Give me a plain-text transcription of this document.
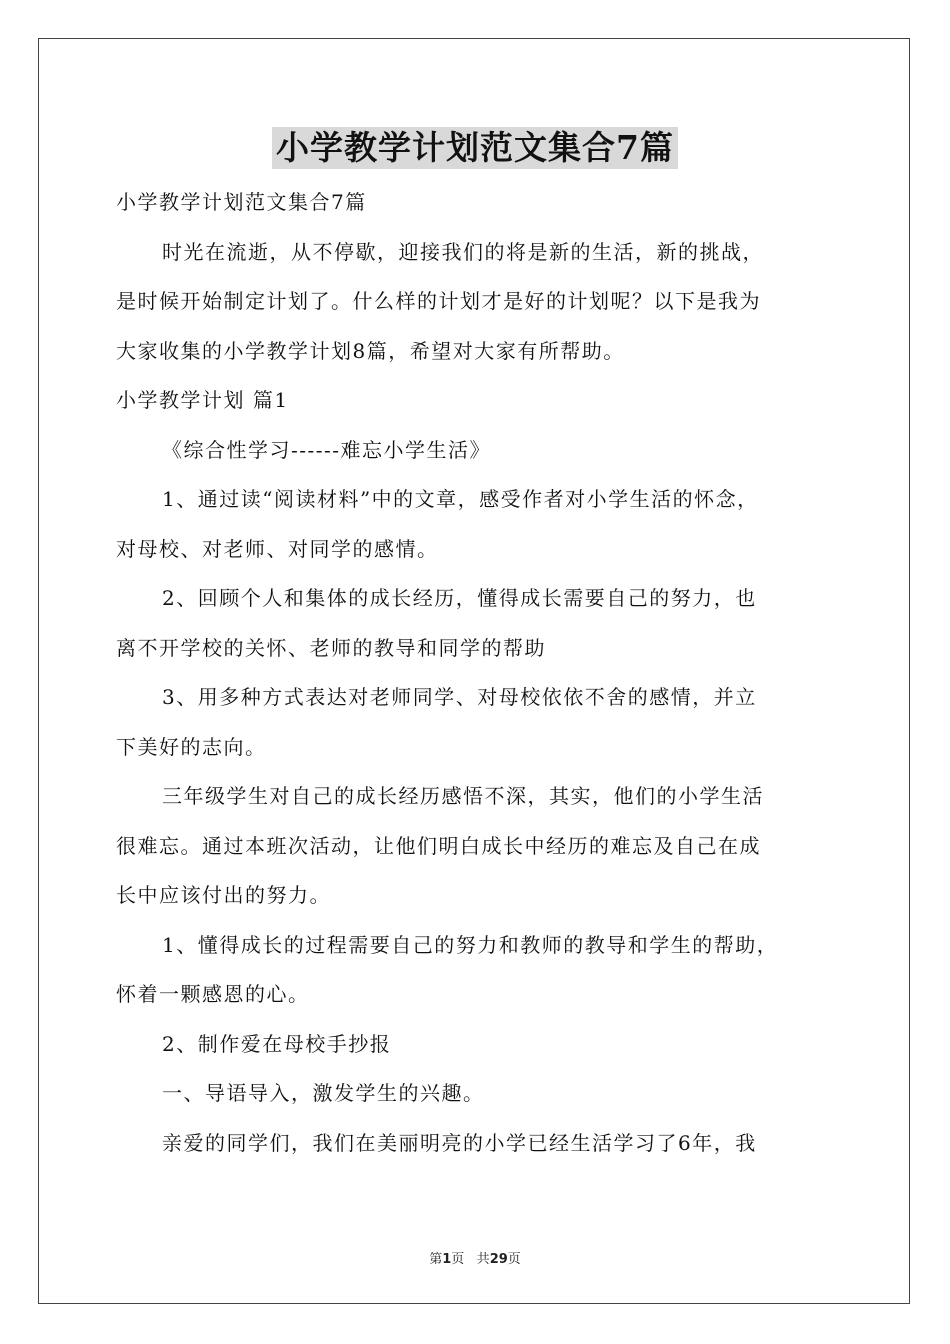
小学教学计划范文集合7篇
小学教学计划范文集合7篇
时光在流逝，从不停歇，迎接我们的将是新的生活，新的挑战，
是时候开始制定计划了。什么样的计划才是好的计划呢？以下是我为
大家收集的小学教学计划8篇，希望对大家有所帮助。
小学教学计划 篇1
《综合性学习------难忘小学生活》
1、通过读“阅读材料”中的文章，感受作者对小学生活的怀念，
对母校、对老师、对同学的感情。
2、回顾个人和集体的成长经历，懂得成长需要自己的努力，也
离不开学校的关怀、老师的教导和同学的帮助
3、用多种方式表达对老师同学、对母校依依不舍的感情，并立
下美好的志向。
三年级学生对自己的成长经历感悟不深，其实，他们的小学生活
很难忘。通过本班次活动，让他们明白成长中经历的难忘及自己在成
长中应该付出的努力。
1、懂得成长的过程需要自己的努力和教师的教导和学生的帮助，
怀着一颗感恩的心。
2、制作爱在母校手抄报
一、导语导入，激发学生的兴趣。
亲爱的同学们，我们在美丽明亮的小学已经生活学习了6年，我
第1页 共29页
